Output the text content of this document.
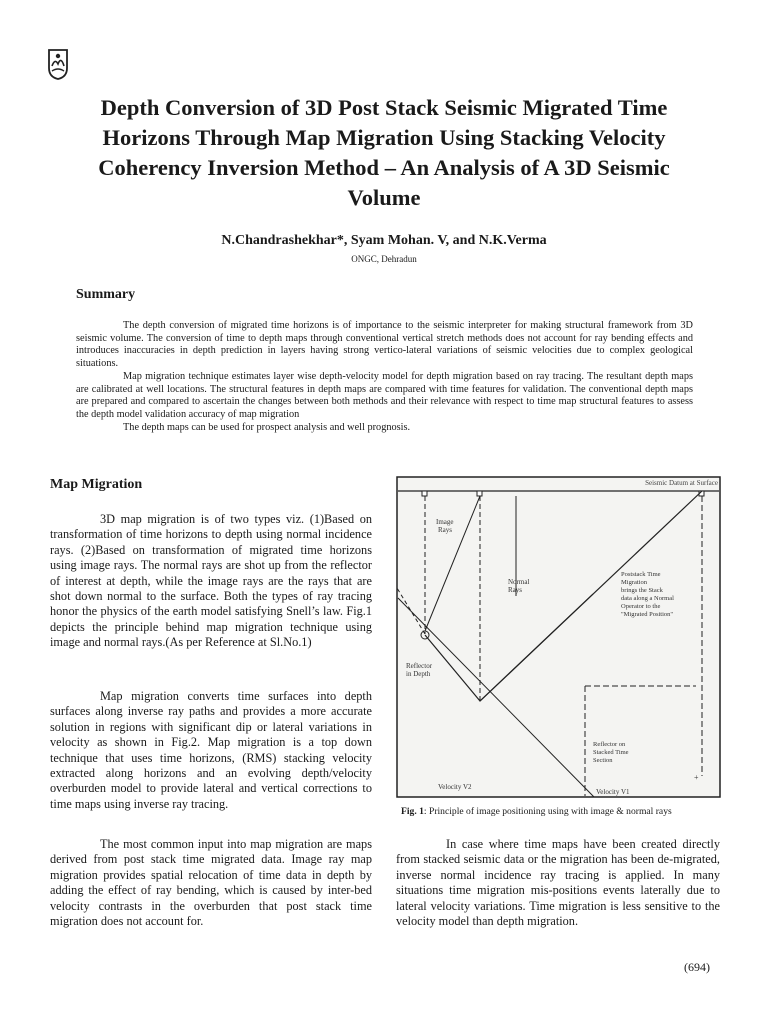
Depth Conversion of 3D Post Stack Seismic Migrated Time Horizons Through Map Migration Using Stacking Velocity Coherency Inversion Method – An Analysis of A 3D Seismic Volume
N.Chandrashekhar*, Syam Mohan. V, and N.K.Verma
ONGC, Dehradun
Summary

The depth conversion of migrated time horizons is of importance to the seismic interpreter for making structural framework from 3D seismic volume. The conversion of time to depth maps through conventional vertical stretch methods does not account for ray bending effects and introduces inaccuracies in depth prediction in layers having strong vertico-lateral variations of seismic velocities due to complex geological situations.

Map migration technique estimates layer wise depth-velocity model for depth migration based on ray tracing. The resultant depth maps are calibrated at well locations. The structural features in depth maps are compared with time features for validation. The conventional depth maps are prepared and compared to ascertain the changes between both methods and their relevance with respect to time map structural features to assess the depth model validation accuracy of map migration

The depth maps can be used for prospect analysis and well prognosis.

Map Migration

3D map migration is of two types viz. (1)Based on transformation of time horizons to depth using normal incidence rays. (2)Based on transformation of migrated time horizons using image rays. The normal rays are shot up from the reflector of interest at depth, while the image rays are the rays that are shot down normal to the surface. Both the types of ray tracing honor the physics of the earth model satisfying Snell’s law. Fig.1 depicts the principle behind map migration technique using image and normal rays.(As per Reference at Sl.No.1)

Map migration converts time surfaces into depth surfaces along inverse ray paths and provides a more accurate solution in regions with significant dip or lateral variations in velocity as shown in Fig.2. Map migration is a top down technique that uses time horizons, (RMS) stacking velocity extracted along horizons and an evolving depth/velocity overburden model to provide lateral and vertical corrections to time maps using inverse ray tracing.

The most common input into map migration are maps derived from post stack time migrated data. Image ray map migration provides spatial relocation of time data in depth by adding the effect of ray bending, which is caused by inter-bed velocity contrasts in the overburden that post stack time migration does not account for.

In case where time maps have been created directly from stacked seismic data or the migration has been de-migrated, inverse normal incidence ray tracing is applied. In many situations time migration mis-positions events laterally due to lateral velocity variations. Time migration is less sensitive to the velocity model than depth migration.

Seismic Datum at Surface
+
Image
Rays
Normal
Rays
Poststack Time
Migration
brings the Stack
data along a Normal
Operator to the
"Migrated Position"
Reflector
in Depth
Reflector on
Stacked Time
Section
Velocity V2
Velocity V1
Fig. 1: Principle of image positioning using with image & normal rays
(694)
